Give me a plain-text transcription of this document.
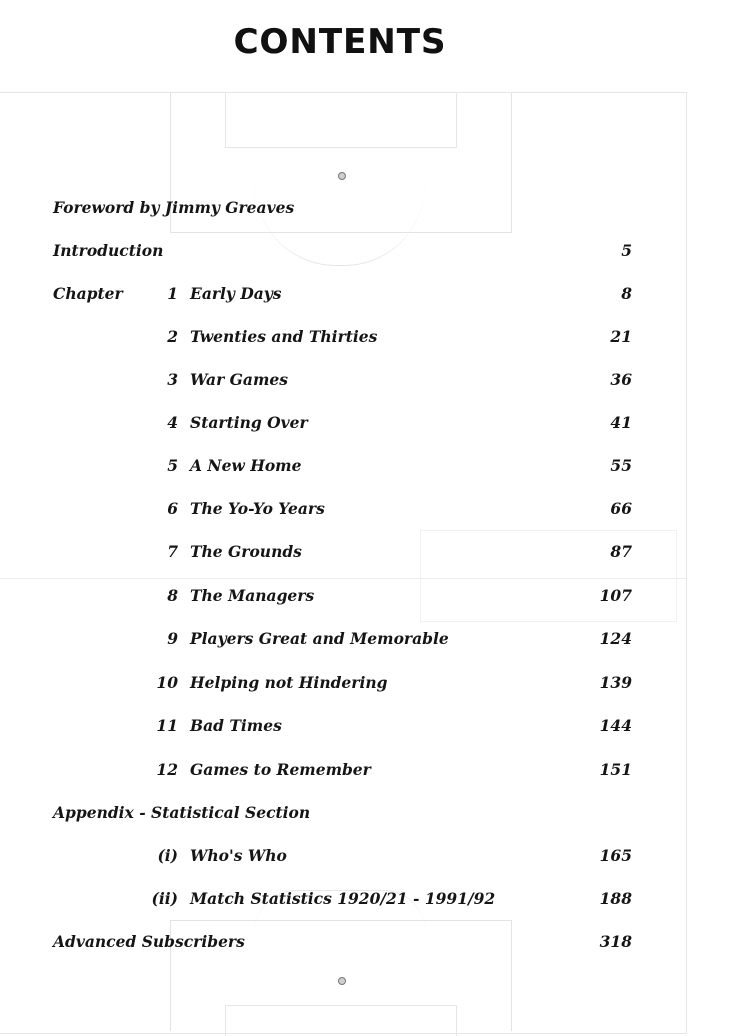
CONTENTS
Foreword by Jimmy Greaves
Introduction	5
Chapter	1 Early Days	8
2 Twenties and Thirties	21
3 War Games	36
4 Starting Over	41
5 A New Home	55
6 The Yo-Yo Years	66
7 The Grounds	87
8 The Managers	107
9 Players Great and Memorable	124
10 Helping not Hindering	139
11 Bad Times	144
12 Games to Remember	151
Appendix - Statistical Section
(i) Who's Who	165
(ii) Match Statistics 1920/21 - 1991/92	188
Advanced Subscribers	318
